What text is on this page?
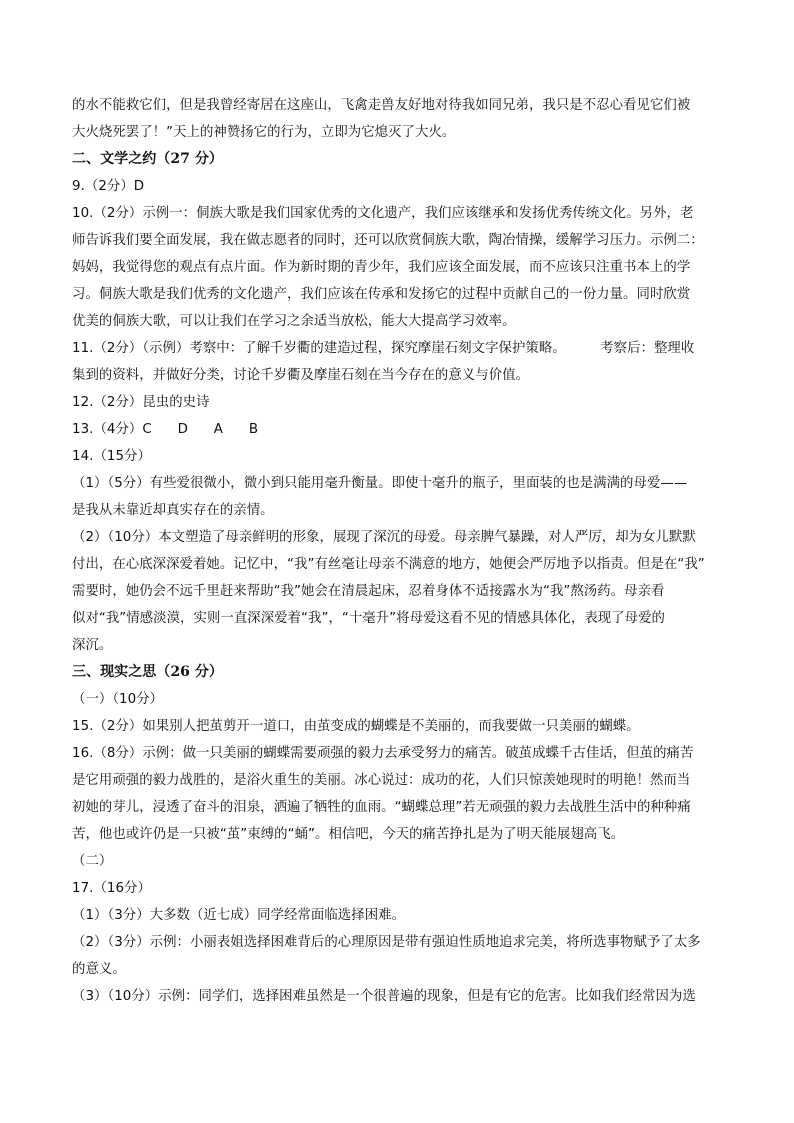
的水不能救它们，但是我曾经寄居在这座山，飞禽走兽友好地对待我如同兄弟，我只是不忍心看见它们被
大火烧死罢了！”天上的神赞扬它的行为，立即为它熄灭了大火。
二、文学之约（27 分）
9.（2分）D
10.（2分）示例一：侗族大歌是我们国家优秀的文化遗产，我们应该继承和发扬优秀传统文化。另外，老
师告诉我们要全面发展，我在做志愿者的同时，还可以欣赏侗族大歌，陶冶情操，缓解学习压力。示例二：
妈妈，我觉得您的观点有点片面。作为新时期的青少年，我们应该全面发展，而不应该只注重书本上的学
习。侗族大歌是我们优秀的文化遗产，我们应该在传承和发扬它的过程中贡献自己的一份力量。同时欣赏
优美的侗族大歌，可以让我们在学习之余适当放松，能大大提高学习效率。
11.（2分）（示例）考察中：了解千岁衢的建造过程，探究摩崖石刻文字保护策略。        考察后：整理收
集到的资料，并做好分类，讨论千岁衢及摩崖石刻在当今存在的意义与价值。
12.（2分）昆虫的史诗
13.（4分）C      D      A      B
14.（15分）
（1）（5分）有些爱很微小，微小到只能用毫升衡量。即使十毫升的瓶子，里面装的也是满满的母爱——
是我从未靠近却真实存在的亲情。
（2）（10分）本文塑造了母亲鲜明的形象，展现了深沉的母爱。母亲脾气暴躁，对人严厉，却为女儿默默
付出，在心底深深爱着她。记忆中，“我”有丝毫让母亲不满意的地方，她便会严厉地予以指责。但是在“我”
需要时，她仍会不远千里赶来帮助“我”她会在清晨起床，忍着身体不适接露水为“我”熬汤药。母亲看
似对“我”情感淡漠，实则一直深深爱着“我”，“十毫升”将母爱这看不见的情感具体化，表现了母爱的
深沉。
三、现实之思（26 分）
（一）（10分）
15.（2分）如果别人把茧剪开一道口，由茧变成的蝴蝶是不美丽的，而我要做一只美丽的蝴蝶。
16.（8分）示例：做一只美丽的蝴蝶需要顽强的毅力去承受努力的痛苦。破茧成蝶千古佳话，但茧的痛苦
是它用顽强的毅力战胜的，是浴火重生的美丽。冰心说过：成功的花，人们只惊羡她现时的明艳！然而当
初她的芽儿，浸透了奋斗的泪泉，洒遍了牺牲的血雨。“蝴蝶总理”若无顽强的毅力去战胜生活中的种种痛
苦，他也或许仍是一只被“茧”束缚的“蛹”。相信吧，今天的痛苦挣扎是为了明天能展翅高飞。
（二）
17.（16分）
（1）（3分）大多数（近七成）同学经常面临选择困难。
（2）（3分）示例：小丽表姐选择困难背后的心理原因是带有强迫性质地追求完美，将所选事物赋予了太多
的意义。
（3）（10分）示例：同学们，选择困难虽然是一个很普遍的现象，但是有它的危害。比如我们经常因为选
